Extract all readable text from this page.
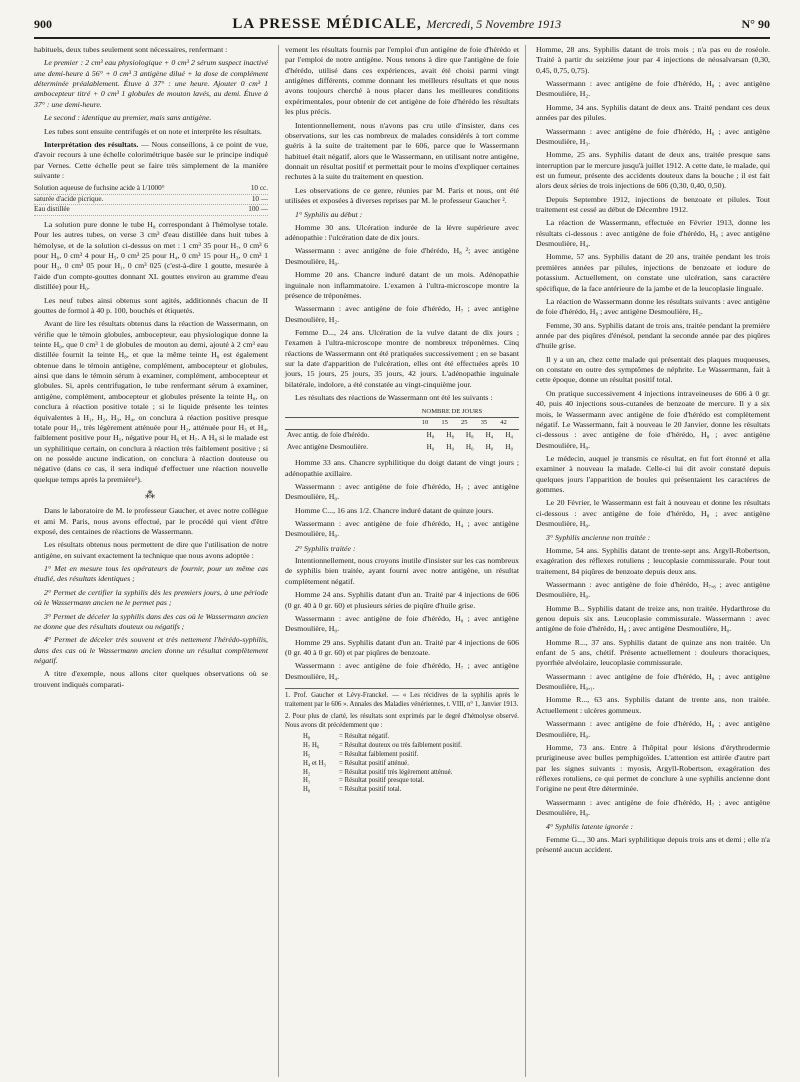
900	LA PRESSE MÉDICALE, Mercredi, 5 Novembre 1913	N° 90

habituels, deux tubes seulement sont nécessaires, renfermant :

Le premier : 2 cm³ eau physiologique + 0 cm³ 2 sérum suspect inactivé une demi-heure à 56° + 0 cm³ 3 antigène dilué + la dose de complément déterminée préalablement. Étuve à 37° : une heure. Ajouter 0 cm³ 1 ambocepteur titré + 0 cm³ 1 globules de mouton lavés, au demi. Étuve à 37° : une demi-heure.

Le second : identique au premier, mais sans antigène.

Les tubes sont ensuite centrifugés et on note et interprète les résultats.

Interprétation des résultats. — Nous conseillons, à ce point de vue, d'avoir recours à une échelle colorimétrique basée sur le principe indiqué par Vernes. Cette échelle peut se faire très simplement de la manière suivante :

Solution aqueuse de fuchsine acide à 1/1000°	10 cc.
saturée d'acide picrique.	10 —
Eau distillée	100 —

La solution pure donne le tube H₈ correspondant à l'hémolyse totale. Pour les autres tubes, on verse 3 cm³ d'eau distillée dans huit tubes à hémolyse, et de la solution ci-dessus on met : 1 cm³ 35 pour H₇, 0 cm³ 6 pour H₆, 0 cm³ 4 pour H₅, 0 cm³ 25 pour H₄, 0 cm³ 15 pour H₃, 0 cm³ 1 pour H₂, 0 cm³ 05 pour H₁, 0 cm³ 025 (c'est-à-dire 1 goutte, mesurée à l'aide d'un compte-gouttes donnant XL gouttes environ au gramme d'eau distillée) pour H₀.

Les neuf tubes ainsi obtenus sont agités, additionnés chacun de II gouttes de formol à 40 p. 100, bouchés et étiquetés.

Avant de lire les résultats obtenus dans la réaction de Wassermann, on vérifie que le témoin globules, ambocepteur, eau physiologique donne la teinte H₀, que 0 cm³ 1 de globules de mouton au demi, ajouté à 2 cm³ eau distillée fournit la teinte H₈, et que la même teinte H₈ est également obtenue dans le témoin antigène, complément, ambocepteur et globules, ainsi que dans le témoin sérum à examiner, complément, ambocepteur et globules. Si, après centrifugation, le tube renfermant sérum à examiner, antigène, complément, ambocepteur et globules présente la teinte H₀, on conclura à réaction positive totale ; si le liquide présente les teintes équivalentes à H₁, H₂, H₃, H₄, on conclura à réaction positive presque totale pour H₁, très légèrement atténuée pour H₂, atténuée pour H₃ et H₄, faiblement positive pour H₅, négative pour H₆ et H₇. A H₈ si le malade est un syphilitique certain, on conclura à réaction très faiblement positive ; si on ne possède aucune indication, on conclura à réaction douteuse ou négative (dans ce cas, il sera indiqué d'effectuer une réaction nouvelle quelque temps après la première¹).

⁂

Dans le laboratoire de M. le professeur Gaucher, et avec notre collègue et ami M. Paris, nous avons effectué, par le procédé qui vient d'être exposé, des centaines de réactions de Wassermann.

Les résultats obtenus nous permettent de dire que l'utilisation de notre antigène, en suivant exactement la technique que nous avons adoptée :

1° Met en mesure tous les opérateurs de fournir, pour un même cas étudié, des résultats identiques ;

2° Permet de certifier la syphilis dès les premiers jours, à une période où le Wassermann ancien ne le permet pas ;

3° Permet de déceler la syphilis dans des cas où le Wassermann ancien ne donne que des résultats douteux ou négatifs ;

4° Permet de déceler très souvent et très nettement l'hérédo-syphilis, dans des cas où le Wassermann ancien donne un résultat complètement négatif.

A titre d'exemple, nous allons citer quelques observations où se trouvent indiqués comparati-

vement les résultats fournis par l'emploi d'un antigène de foie d'hérédo et par l'emploi de notre antigène. Nous tenons à dire que l'antigène de foie d'hérédo, utilisé dans ces expériences, avait été choisi parmi vingt antigènes différents, comme donnant les meilleurs résultats et que nous avons toujours cherché à nous placer dans les meilleures conditions expérimentales, pour obtenir de cet antigène de foie d'hérédo les résultats les plus précis.

Intentionnellement, nous n'avons pas cru utile d'insister, dans ces observations, sur les cas nombreux de malades considérés à tort comme guéris à la suite de traitement par le 606, parce que le Wassermann habituel était négatif, alors que le Wassermann, en utilisant notre antigène, donnait un résultat positif et permettait pour le moins d'expliquer certaines rechutes à la suite du traitement en question.

Les observations de ce genre, réunies par M. Paris et nous, ont été utilisées et exposées à diverses reprises par M. le professeur Gaucher ².

1° Syphilis au début :

Homme 30 ans. Ulcération indurée de la lèvre supérieure avec adénopathie : l'ulcération date de dix jours.

Wassermann : avec antigène de foie d'hérédo, H₈ ²; avec antigène Desmoulière, H₀.

Homme 20 ans. Chancre induré datant de un mois. Adénopathie inguinale non inflammatoire. L'examen à l'ultra-microscope montre la présence de tréponèmes.

Wassermann : avec antigène de foie d'hérédo, H₇ ; avec antigène Desmoulière, H₂.

Femme D..., 24 ans. Ulcération de la vulve datant de dix jours ; l'examen à l'ultra-microscope montre de nombreux tréponèmes. Cinq réactions de Wassermann ont été pratiquées successivement ; en se basant sur la date d'apparition de l'ulcération, elles ont été effectuées après 10 jours, 15 jours, 25 jours, 35 jours, 42 jours. L'adénopathie inguinale bilatérale, indolore, a été constatée au vingt-cinquième jour.

Les résultats des réactions de Wassermann ont été les suivants :

	NOMBRE DE JOURS				
	10	15	25	35	42
Avec antig. de foie d'hérédo.	H₈	H₈	H₈	H₄	H₄
Avec antigène Desmoulière.	H₀	H₀	H₀	H₀	H₀

Homme 33 ans. Chancre syphilitique du doigt datant de vingt jours ; adénopathie axillaire.

Wassermann : avec antigène de foie d'hérédo, H₇ ; avec antigène Desmoulière, H₀.

Homme C..., 16 ans 1/2. Chancre induré datant de quinze jours.

Wassermann : avec antigène de foie d'hérédo, H₄ ; avec antigène Desmoulière, H₀.

2° Syphilis traitée :

Intentionnellement, nous croyons inutile d'insister sur les cas nombreux de syphilis bien traitée, ayant fourni avec notre antigène, un résultat complètement négatif.

Homme 24 ans. Syphilis datant d'un an. Traité par 4 injections de 606 (0 gr. 40 à 0 gr. 60) et plusieurs séries de piqûre d'huile grise.

Wassermann : avec antigène de foie d'hérédo, H₈ ; avec antigène Desmoulière, H₀.

Homme 29 ans. Syphilis datant d'un an. Traité par 4 injections de 606 (0 gr. 40 à 0 gr. 60) et par piqûres de benzoate.

Wassermann : avec antigène de foie d'hérédo, H₇ ; avec antigène Desmoulière, H₄.

1. Prof. Gaucher et Lévy-Franckel. — « Les récidives de la syphilis après le traitement par le 606 ». Annales des Maladies vénériennes, t. VIII, n° 1, Janvier 1913.

2. Pour plus de clarté, les résultats sont exprimés par le degré d'hémolyse observé. Nous avons dit précédemment que :

H₈	= Résultat négatif.
H₇ H₆	= Résultat douteux ou très faiblement positif.
H₅	= Résultat faiblement positif.
H₄ et H₃	= Résultat positif atténué.
H₂	= Résultat positif très légèrement atténué.
H₁	= Résultat positif presque total.
H₀	= Résultat positif total.

Homme, 28 ans. Syphilis datant de trois mois ; n'a pas eu de roséole. Traité à partir du seizième jour par 4 injections de néosalvarsan (0,30, 0,45, 0,75, 0,75).

Wassermann : avec antigène de foie d'hérédo, H₈ ; avec antigène Desmoulière, H₂.

Homme, 34 ans. Syphilis datant de deux ans. Traité pendant ces deux années par des pilules.

Wassermann : avec antigène de foie d'hérédo, H₆ ; avec antigène Desmoulière, H₃.

Homme, 25 ans. Syphilis datant de deux ans, traitée presque sans interruption par le mercure jusqu'à juillet 1912. A cette date, le malade, qui est un fumeur, présente des accidents douteux dans la bouche ; il est fait alors deux séries de trois injections de 606 (0,30, 0,40, 0,50).

Depuis Septembre 1912, injections de benzoate et pilules. Tout traitement est cessé au début de Décembre 1912.

La réaction de Wassermann, effectuée en Février 1913, donne les résultats ci-dessous : avec antigène de foie d'hérédo, H₈ ; avec antigène Desmoulière, H₄.

Homme, 57 ans. Syphilis datant de 20 ans, traitée pendant les trois premières années par pilules, injections de benzoate et iodure de potassium. Actuellement, on constate une ulcération, sans caractère spécifique, de la face antérieure de la jambe et de la leucoplasie linguale.

La réaction de Wassermann donne les résultats suivants : avec antigène de foie d'hérédo, H₈ ; avec antigène Desmoulière, H₂.

Femme, 30 ans. Syphilis datant de trois ans, traitée pendant la première année par des piqûres d'énésol, pendant la seconde année par des piqûres d'huile grise.

Il y a un an, chez cette malade qui présentait des plaques muqueuses, on constate en outre des symptômes de néphrite. Le Wassermann, fait à cette époque, donne un résultat positif total.

On pratique successivement 4 injections intraveineuses de 606 à 0 gr. 40, puis 40 injections sous-cutanées de benzoate de mercure. Il y a six mois, le Wassermann avec antigène de foie d'hérédo est complètement négatif. Le Wassermann, fait à nouveau le 20 Janvier, donne les résultats ci-dessous : avec antigène de foie d'hérédo, H₈ ; avec antigène Desmoulière, H₀.

Le médecin, auquel je transmis ce résultat, en fut fort étonné et alla examiner à nouveau la malade. Celle-ci lui dit avoir constaté depuis quelques jours l'apparition de boules qui présentaient les caractères de gommes.

Le 20 Février, le Wassermann est fait à nouveau et donne les résultats ci-dessous : avec antigène de foie d'hérédo, H₈ ; avec antigène Desmoulière, H₀.

3° Syphilis ancienne non traitée :

Homme, 54 ans. Syphilis datant de trente-sept ans. Argyll-Robertson, exagération des réflexes rotuliens ; leucoplasie commissurale. Pour tout traitement, 84 piqûres de benzoate depuis deux ans.

Wassermann : avec antigène de foie d'hérédo, H₇,₈ ; avec antigène Desmoulière, H₀.

Homme B... Syphilis datant de treize ans, non traitée. Hydarthrose du genou depuis six ans. Leucoplasie commissurale. Wassermann : avec antigène de foie d'hérédo, H₈ ; avec antigène Desmoulière, H₀.

Homme R..., 37 ans. Syphilis datant de quinze ans non traitée. Un enfant de 5 ans, chétif. Présente actuellement : douleurs thoraciques, pyorrhée alvéolaire, leucoplasie commissurale.

Wassermann : avec antigène de foie d'hérédo, H₈ ; avec antigène Desmoulière, H₀,₁.

Homme R..., 63 ans. Syphilis datant de trente ans, non traitée. Actuellement : ulcères gommeux.

Wassermann : avec antigène de foie d'hérédo, H₈ ; avec antigène Desmoulière, H₀.

Homme, 73 ans. Entre à l'hôpital pour lésions d'érythrodermie prurigineuse avec bulles pemphigoïdes. L'attention est attirée d'autre part par les signes suivants : myosis, Argyll-Robertson, exagération des réflexes rotuliens, ce qui permet de conclure à une syphilis ancienne dont l'origine ne peut être déterminée.

Wassermann : avec antigène de foie d'hérédo, H₇ ; avec antigène Desmoulière, H₀.

4° Syphilis latente ignorée :

Femme G..., 30 ans. Mari syphilitique depuis trois ans et demi ; elle n'a présenté aucun accident.
